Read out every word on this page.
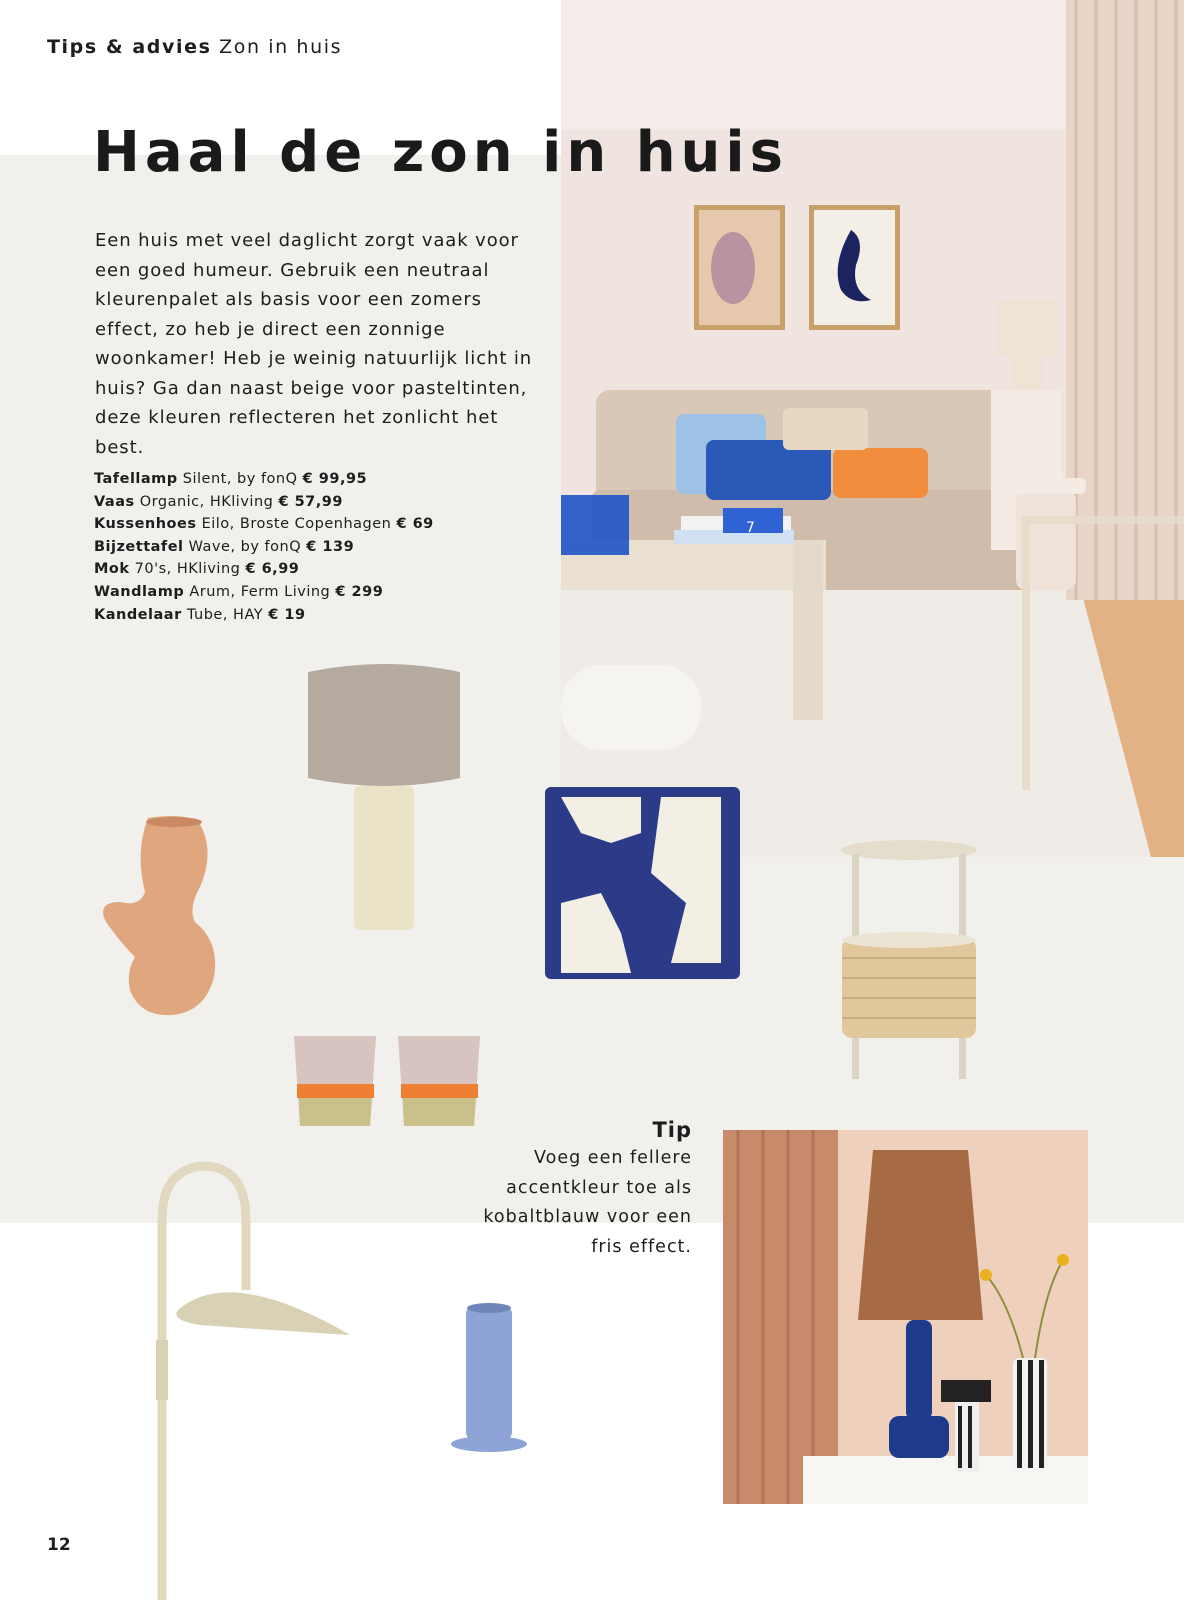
7
Tips & advies Zon in huis
Haal de zon in huis

Een huis met veel daglicht zorgt vaak voor een goed humeur. Gebruik een neutraal kleurenpalet als basis voor een zomers effect, zo heb je direct een zonnige woonkamer! Heb je weinig natuurlijk licht in huis? Ga dan naast beige voor pasteltinten, deze kleuren reflecteren het zonlicht het best.

Tafellamp Silent, by fonQ € 99,95
Vaas Organic, HKliving € 57,99
Kussenhoes Eilo, Broste Copenhagen € 69
Bijzettafel Wave, by fonQ € 139
Mok 70's, HKliving € 6,99
Wandlamp Arum, Ferm Living € 299
Kandelaar Tube, HAY € 19
Tip

Voeg een fellere accentkleur toe als kobaltblauw voor een fris effect.

12
